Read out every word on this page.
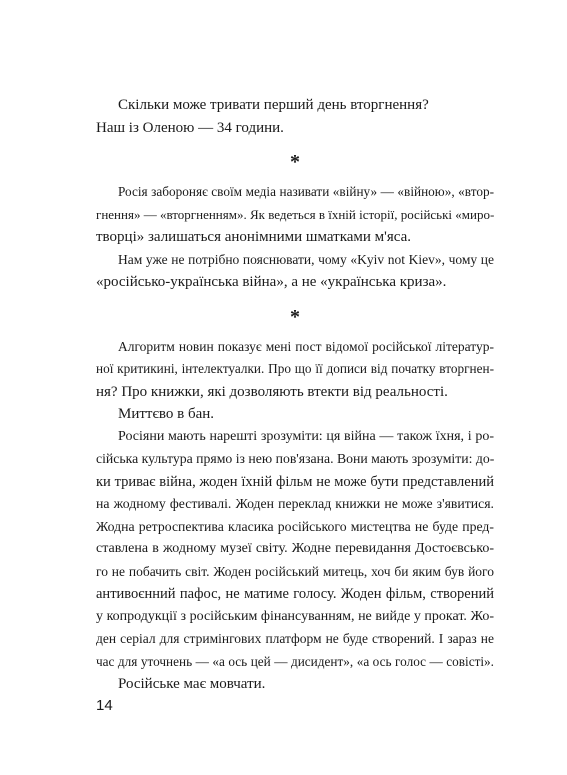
Скільки може тривати перший день вторгнення?
Наш із Оленою — 34 години.
*
Росія забороняє своїм медіа називати «війну» — «війною», «втор-
гнення» — «вторгненням». Як ведеться в їхній історії, російські «миро-
творці» залишаться анонімними шматками м'яса.
Нам уже не потрібно пояснювати, чому «Kyiv not Kiev», чому це
«російсько-українська війна», а не «українська криза».
*
Алгоритм новин показує мені пост відомої російської літератур-
ної критикині, інтелектуалки. Про що її дописи від початку вторгнен-
ня? Про книжки, які дозволяють втекти від реальності.
Миттєво в бан.
Росіяни мають нарешті зрозуміти: ця війна — також їхня, і ро-
сійська культура прямо із нею пов'язана. Вони мають зрозуміти: до-
ки триває війна, жоден їхній фільм не може бути представлений
на жодному фестивалі. Жоден переклад книжки не може з'явитися.
Жодна ретроспектива класика російського мистецтва не буде пред-
ставлена в жодному музеї світу. Жодне перевидання Достоєвсько-
го не побачить світ. Жоден російський митець, хоч би яким був його
антивоєнний пафос, не матиме голосу. Жоден фільм, створений
у копродукції з російським фінансуванням, не вийде у прокат. Жо-
ден серіал для стримінгових платформ не буде створений. І зараз не
час для уточнень — «а ось цей — дисидент», «а ось голос — совісті».
Російське має мовчати.
14
